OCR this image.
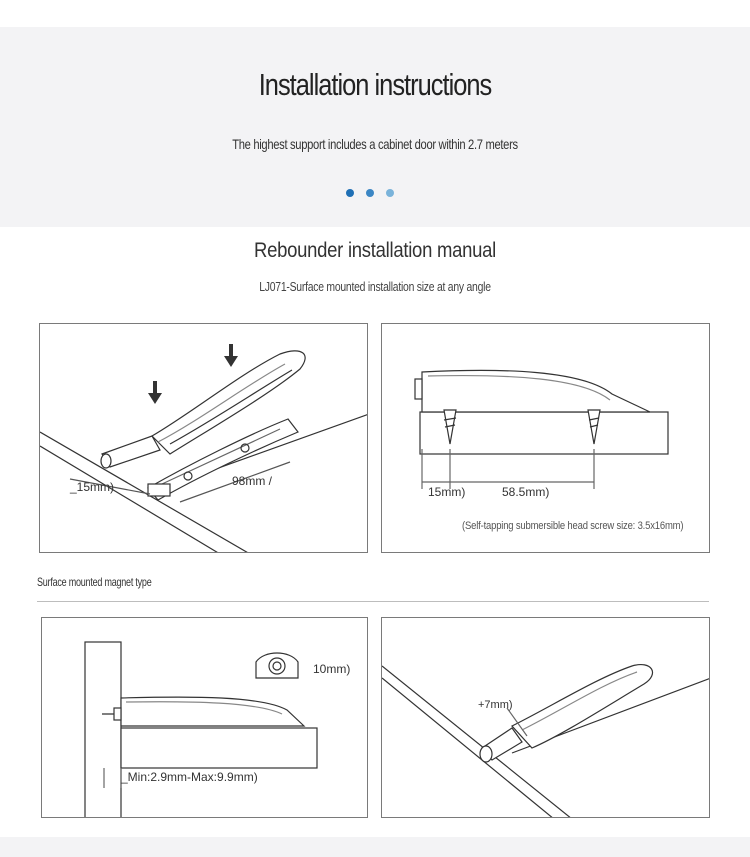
Installation instructions
The highest support includes a cabinet door within 2.7 meters
Rebounder installation manual
LJ071-Surface mounted installation size at any angle
_15mm)	98mm /
15mm)	58.5mm)
(Self-tapping submersible head screw size: 3.5x16mm)
Surface mounted magnet type
10mm)
_Min:2.9mm-Max:9.9mm)
+7mm)
